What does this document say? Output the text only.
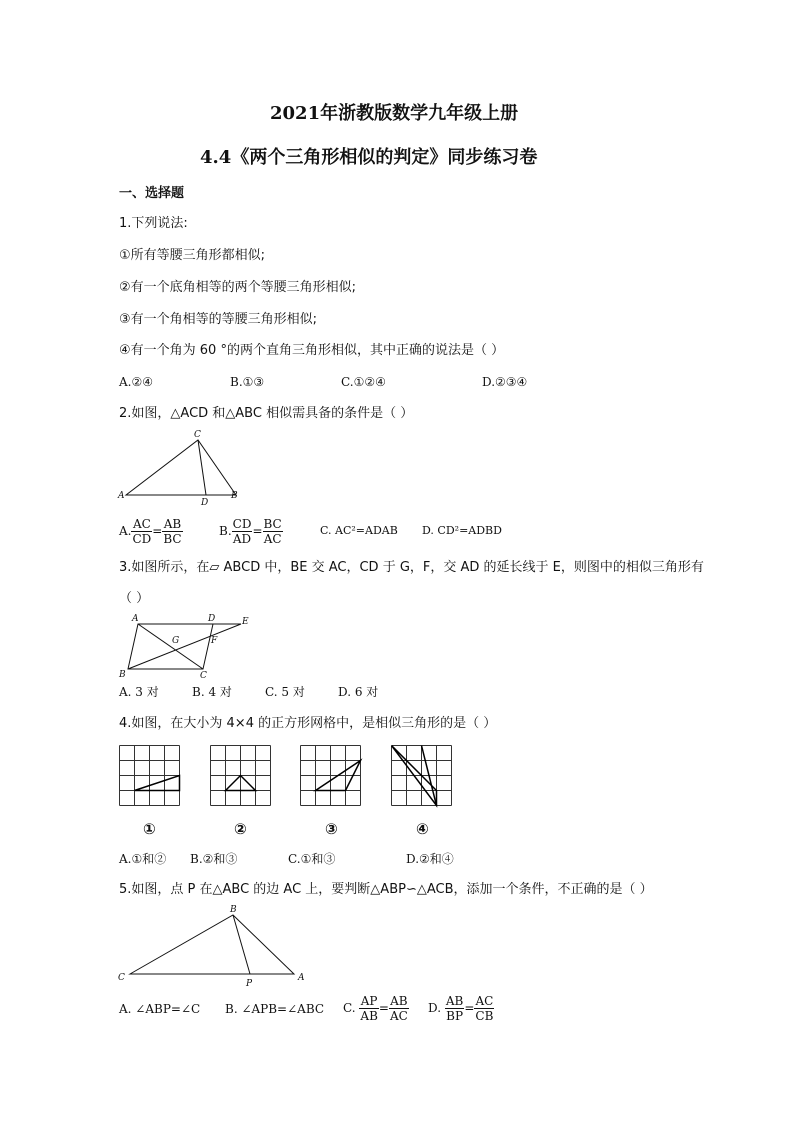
2021年浙教版数学九年级上册
4.4《两个三角形相似的判定》同步练习卷
一、选择题
1.下列说法:
①所有等腰三角形都相似;
②有一个底角相等的两个等腰三角形相似;
③有一个角相等的等腰三角形相似;
④有一个角为 60 °的两个直角三角形相似，其中正确的说法是（ ）
A.②④	B.①③	C.①②④	D.②③④
2.如图，△ACD 和△ABC 相似需具备的条件是（ ）
C
A
D
B
A. $\frac{AC}{CD} = \frac{AB}{BC}$	B. $\frac{CD}{AD} = \frac{BC}{AC}$	C. AC²=ADAB D. CD²=ADBD
3.如图所示，在▱ ABCD 中，BE 交 AC，CD 于 G，F，交 AD 的延长线于 E，则图中的相似三角形有
（ ）
A	D	E
G	F
B	C
A. 3 对	B. 4 对	C. 5 对	D. 6 对
4.如图，在大小为 4×4 的正方形网格中，是相似三角形的是（ ）
①	②	③	④
A.①和② B.②和③	C.①和③	D.②和④
5.如图，点 P 在△ABC 的边 AC 上，要判断△ABP∽△ACB，添加一个条件，不正确的是（ ）
B
C
P
A
A. ∠ABP=∠C B. ∠APB=∠ABC C. $\frac{AP}{AB} = \frac{AB}{AC} D$. $\frac{AB}{BP} = \frac{AC}{CB}$
